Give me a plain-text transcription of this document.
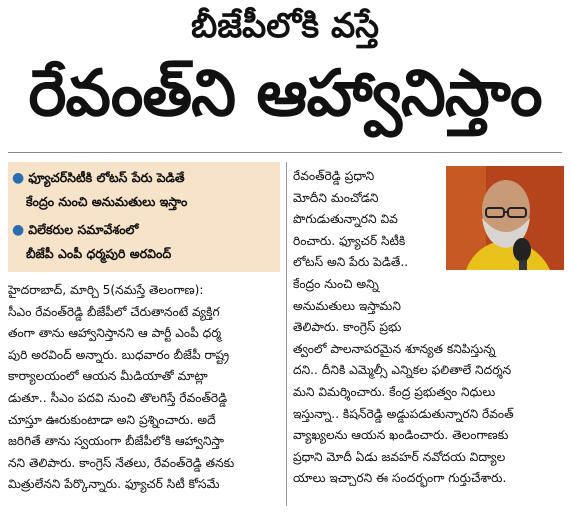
బీజేపీలోకి వస్తే
రేవంత్‌ని ఆహ్వానిస్తాం
● ఫ్యూచర్‌సిటీకి లోటస్ పేరు పెడితే
కేంద్రం నుంచి అనుమతులు ఇస్తాం
● విలేకరుల సమావేశంలో
బీజేపీ ఎంపీ ధర్మపురి అరవింద్
హైదరాబాద్, మార్చి 5(నమస్తే తెలంగాణ):
సీఎం రేవంత్‌రెడ్డి బీజేపీలో చేరుతానంటే వ్యక్తిగ
తంగా తాను ఆహ్వానిస్తానని ఆ పార్టీ ఎంపీ ధర్మ
పురి అరవింద్ అన్నారు. బుధవారం బీజేపీ రాష్ట్ర
కార్యాలయంలో ఆయన మీడియాతో మాట్లా
డుతూ.. సీఎం పదవి నుంచి తొలగిస్తే రేవంత్‌రెడ్డి
చూస్తూ ఊరుకుంటాడా అని ప్రశ్నించారు. అదే
జరిగితే తాను స్వయంగా బీజేపీలోకి ఆహ్వానిస్తా
నని తెలిపారు. కాంగ్రెస్ నేతలు, రేవంత్‌రెడ్డి తనకు
మిత్రులేనని పేర్కొన్నారు. ఫ్యూచర్ సిటీ కోసమే
రేవంత్‌రెడ్డి ప్రధాని
మోదీని మంచోడని
పొగుడుతున్నారని వివ
రించారు. ఫ్యూచర్ సిటీకి
లోటస్ అని పేరు పెడితే..
కేంద్రం నుంచి అన్ని
అనుమతులు ఇస్తామని
తెలిపారు. కాంగ్రెస్ ప్రభు
త్వంలో పాలనాపరమైన శూన్యత కనిపిస్తున్న
దని.. దీనికి ఎమ్మెల్సీ ఎన్నికల ఫలితాలే నిదర్శన
మని విమర్శించారు. కేంద్ర ప్రభుత్వం నిధులు
ఇస్తున్నా.. కిషన్‌రెడ్డి అడ్డుపడుతున్నారని రేవంత్
వ్యాఖ్యలను ఆయన ఖండించారు. తెలంగాణకు
ప్రధాని మోదీ ఏడు జవహర్ నవోదయ విద్యాల
యాలు ఇచ్చారని ఈ సందర్భంగా గుర్తుచేశారు.
